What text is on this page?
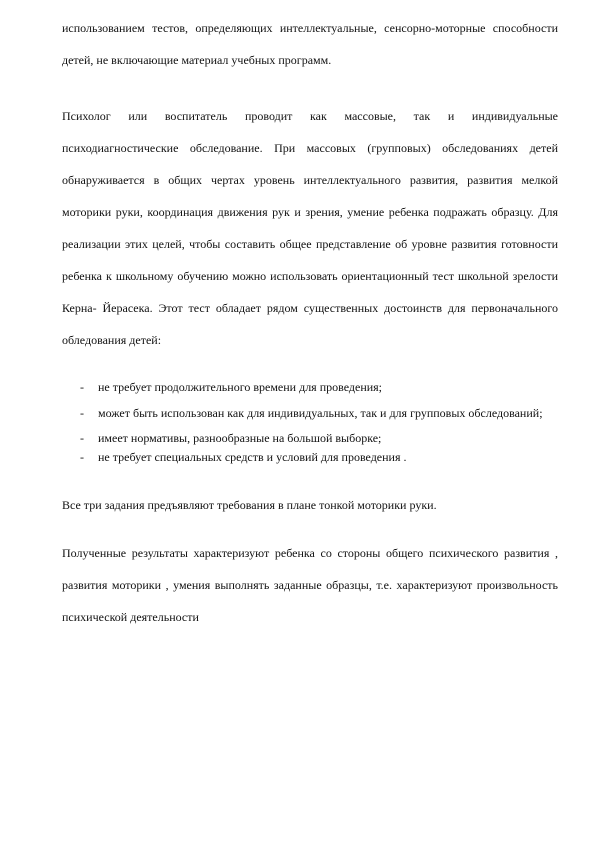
использованием тестов, определяющих интеллектуальные, сенсорно-моторные способности детей, не включающие материал учебных программ.

Психолог или воспитатель проводит как массовые, так и индивидуальные психодиагностические обследование. При массовых (групповых) обследованиях детей обнаруживается в общих чертах уровень интеллектуального развития, развития мелкой моторики руки, координация движения рук и зрения, умение ребенка подражать образцу. Для реализации этих целей, чтобы составить общее представление об уровне развития готовности ребенка к школьному обучению можно использовать ориентационный тест школьной зрелости Керна- Йерасека. Этот тест обладает рядом существенных достоинств для первоначального обледования детей:

- не требует продолжительного времени для проведения;
- может быть использован как для индивидуальных, так и для групповых обследований;
- имеет нормативы, разнообразные на большой выборке;
- не требует специальных средств и условий для проведения .

Все три задания предъявляют требования в плане тонкой моторики руки.

Полученные результаты характеризуют ребенка со стороны общего психического развития , развития моторики , умения выполнять заданные образцы, т.е. характеризуют произвольность психической деятельности
